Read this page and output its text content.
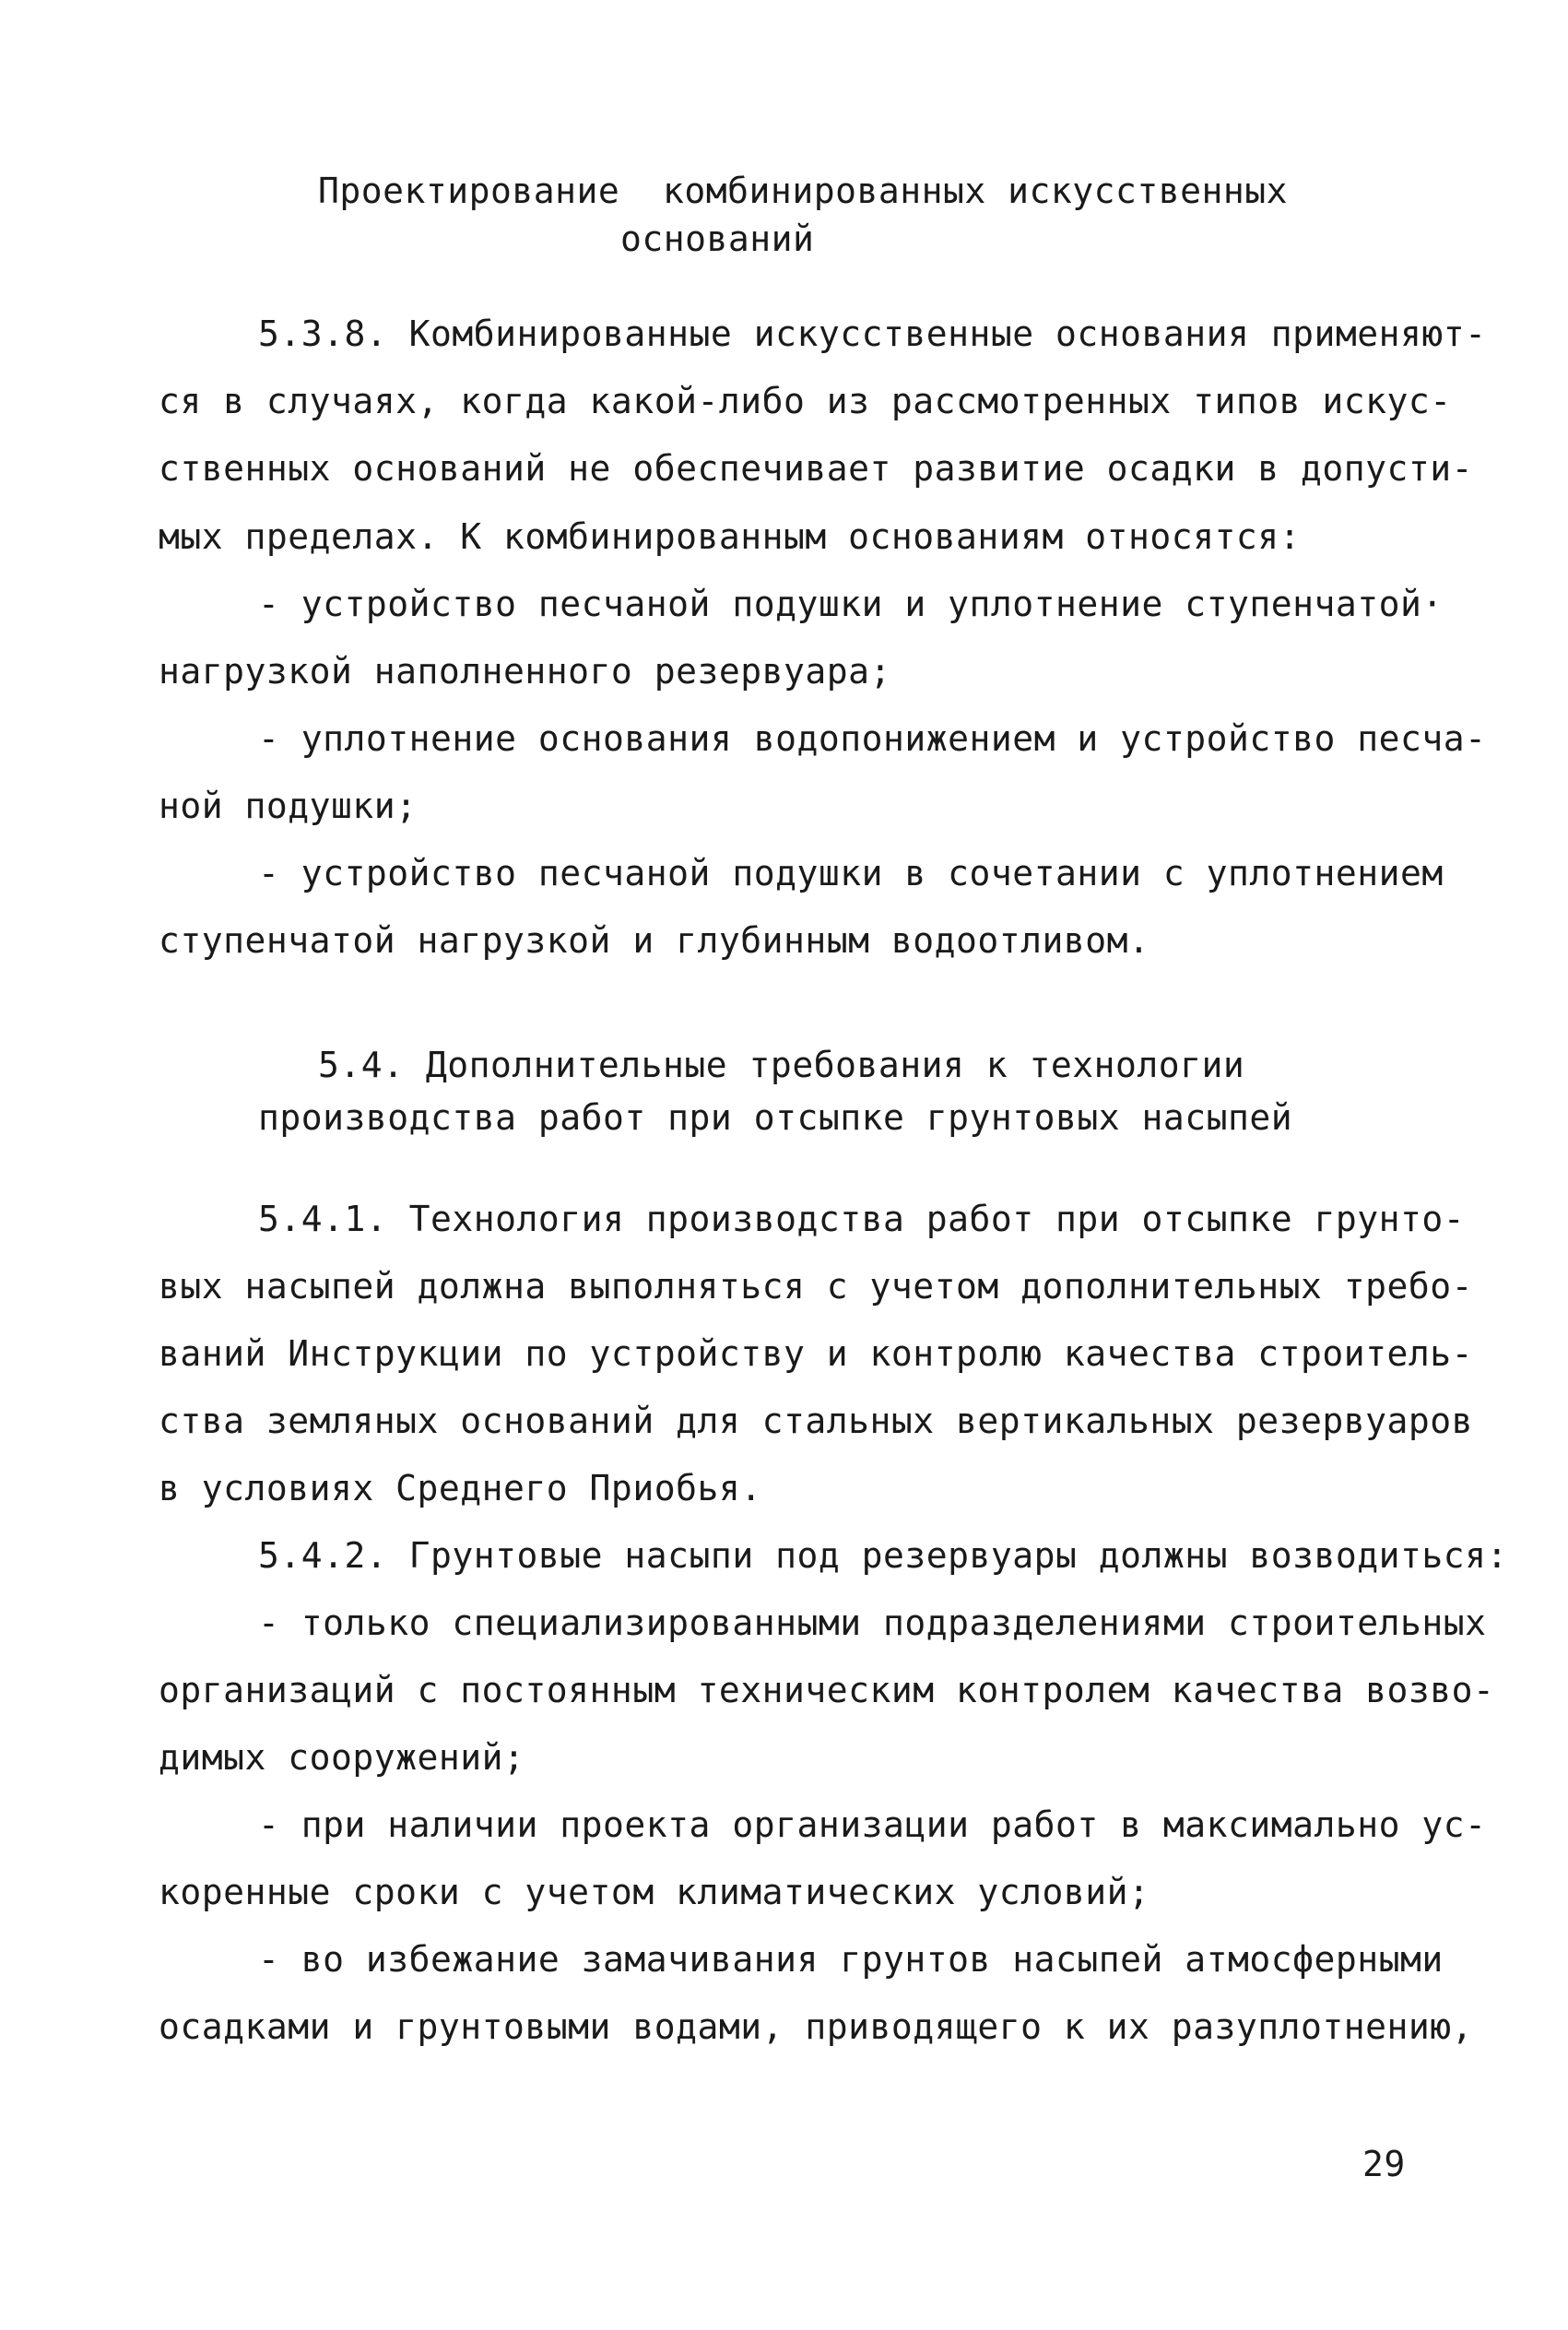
Проектирование  комбинированных искусственных
оснований
5.3.8. Комбинированные искусственные основания применяют-
ся в случаях, когда какой-либо из рассмотренных типов искус-
ственных оснований не обеспечивает развитие осадки в допусти-
мых пределах. К комбинированным основаниям относятся:
- устройство песчаной подушки и уплотнение ступенчатой·
нагрузкой наполненного резервуара;
- уплотнение основания водопонижением и устройство песча-
ной подушки;
- устройство песчаной подушки в сочетании с уплотнением
ступенчатой нагрузкой и глубинным водоотливом.
5.4. Дополнительные требования к технологии
производства работ при отсыпке грунтовых насыпей
5.4.1. Технология производства работ при отсыпке грунто-
вых насыпей должна выполняться с учетом дополнительных требо-
ваний Инструкции по устройству и контролю качества строитель-
ства земляных оснований для стальных вертикальных резервуаров
в условиях Среднего Приобья.
5.4.2. Грунтовые насыпи под резервуары должны возводиться:
- только специализированными подразделениями строительных
организаций с постоянным техническим контролем качества возво-
димых сооружений;
- при наличии проекта организации работ в максимально ус-
коренные сроки с учетом климатических условий;
- во избежание замачивания грунтов насыпей атмосферными
осадками и грунтовыми водами, приводящего к их разуплотнению,
29
